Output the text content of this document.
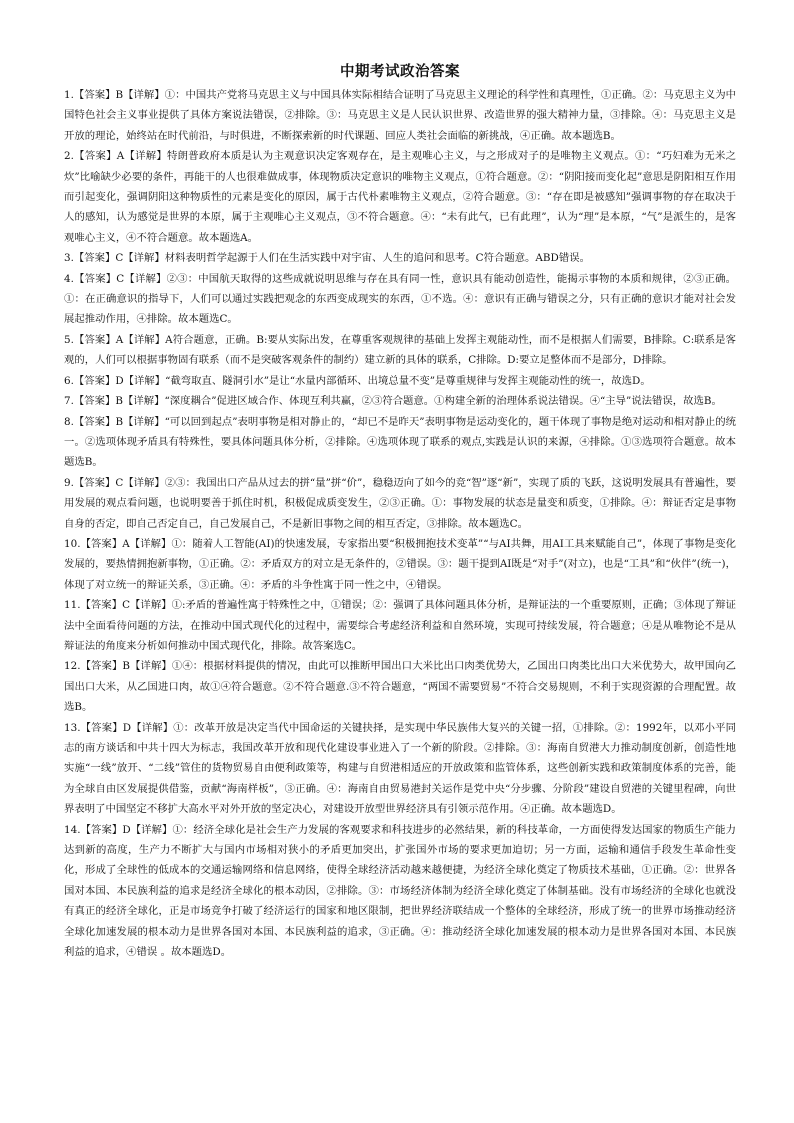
中期考试政治答案

1.【答案】B【详解】①：中国共产党将马克思主义与中国具体实际相结合证明了马克思主义理论的科学性和真理性，①正确。②：马克思主义为中国特色社会主义事业提供了具体方案说法错误，②排除。③：马克思主义是人民认识世界、改造世界的强大精神力量，③排除。④：马克思主义是开放的理论，始终站在时代前沿，与时俱进，不断探索新的时代课题、回应人类社会面临的新挑战，④正确。故本题选B。

2.【答案】A【详解】特朗普政府本质是认为主观意识决定客观存在，是主观唯心主义，与之形成对子的是唯物主义观点。①：“巧妇难为无米之炊”比喻缺少必要的条件，再能干的人也很难做成事，体现物质决定意识的唯物主义观点，①符合题意。②：“阴阳接而变化起”意思是阴阳相互作用而引起变化，强调阴阳这种物质性的元素是变化的原因，属于古代朴素唯物主义观点，②符合题意。③：“存在即是被感知”强调事物的存在取决于人的感知，认为感觉是世界的本原，属于主观唯心主义观点，③不符合题意。④：“未有此气，已有此理”，认为“理”是本原，“气”是派生的，是客观唯心主义，④不符合题意。故本题选A。

3.【答案】C【详解】材料表明哲学起源于人们在生活实践中对宇宙、人生的追问和思考。C符合题意。ABD错误。

4.【答案】C【详解】②③：中国航天取得的这些成就说明思维与存在具有同一性，意识具有能动创造性，能揭示事物的本质和规律，②③正确。①：在正确意识的指导下，人们可以通过实践把观念的东西变成现实的东西，①不选。④：意识有正确与错误之分，只有正确的意识才能对社会发展起推动作用，④排除。故本题选C。

5.【答案】A【详解】A符合题意，正确。B:要从实际出发，在尊重客观规律的基础上发挥主观能动性，而不是根据人们需要，B排除。C:联系是客观的，人们可以根据事物固有联系（而不是突破客观条件的制约）建立新的具体的联系，C排除。D:要立足整体而不是部分，D排除。

6.【答案】D【详解】“截弯取直、隧洞引水”是让“水量内部循环、出境总量不变”是尊重规律与发挥主观能动性的统一，故选D。

7.【答案】B【详解】“深度耦合”促进区域合作、体现互利共赢，②③符合题意。①构建全新的治理体系说法错误。④“主导”说法错误，故选B。

8.【答案】B【详解】“可以回到起点”表明事物是相对静止的，“却已不是昨天”表明事物是运动变化的，题干体现了事物是绝对运动和相对静止的统一。②选项体现矛盾具有特殊性，要具体问题具体分析，②排除。④选项体现了联系的观点,实践是认识的来源，④排除。①③选项符合题意。故本题选B。

9.【答案】C【详解】②③：我国出口产品从过去的拼“量”拼“价”，稳稳迈向了如今的竞“智”逐“新”，实现了质的飞跃，这说明发展具有普遍性，要用发展的观点看问题，也说明要善于抓住时机，积极促成质变发生，②③正确。①：事物发展的状态是量变和质变，①排除。④：辩证否定是事物自身的否定，即自己否定自己，自己发展自己，不是新旧事物之间的相互否定，③排除。故本题选C。

10.【答案】A【详解】①：随着人工智能(AI)的快速发展，专家指出要“积极拥抱技术变革”“与AI共舞，用AI工具来赋能自己”，体现了事物是变化发展的，要热情拥抱新事物，①正确。②：矛盾双方的对立是无条件的，②错误。③：题干提到AI既是“对手”(对立)，也是“工具”和“伙伴”(统一)，体现了对立统一的辩证关系，③正确。④：矛盾的斗争性寓于同一性之中，④错误。

11.【答案】C【详解】①:矛盾的普遍性寓于特殊性之中，①错误；②：强调了具体问题具体分析，是辩证法的一个重要原则，正确；③体现了辩证法中全面看待问题的方法，在推动中国式现代化的过程中，需要综合考虑经济利益和自然环境，实现可持续发展，符合题意；④是从唯物论不是从辩证法的角度来分析如何推动中国式现代化，排除。故答案选C。

12.【答案】B【详解】①④：根据材料提供的情况，由此可以推断甲国出口大米比出口肉类优势大，乙国出口肉类比出口大米优势大，故甲国向乙国出口大米，从乙国进口肉，故①④符合题意。②不符合题意.③不符合题意，“两国不需要贸易”不符合交易规则，不利于实现资源的合理配置。故选B。

13.【答案】D【详解】①：改革开放是决定当代中国命运的关键抉择，是实现中华民族伟大复兴的关键一招，①排除。②：1992年，以邓小平同志的南方谈话和中共十四大为标志，我国改革开放和现代化建设事业进入了一个新的阶段。②排除。③：海南自贸港大力推动制度创新，创造性地实施“一线”放开、“二线”管住的货物贸易自由便利政策等，构建与自贸港相适应的开放政策和监管体系，这些创新实践和政策制度体系的完善，能为全球自由区发展提供借鉴，贡献“海南样板”，③正确。④：海南自由贸易港封关运作是党中央“分步骤、分阶段”建设自贸港的关键里程碑，向世界表明了中国坚定不移扩大高水平对外开放的坚定决心，对建设开放型世界经济具有引领示范作用。④正确。故本题选D。

14.【答案】D【详解】①：经济全球化是社会生产力发展的客观要求和科技进步的必然结果，新的科技革命，一方面使得发达国家的物质生产能力达到新的高度，生产力不断扩大与国内市场相对狭小的矛盾更加突出，扩张国外市场的要求更加迫切；另一方面，运输和通信手段发生革命性变化，形成了全球性的低成本的交通运输网络和信息网络，使得全球经济活动越来越便捷，为经济全球化奠定了物质技术基础，①正确。②：世界各国对本国、本民族利益的追求是经济全球化的根本动因，②排除。③：市场经济体制为经济全球化奠定了体制基础。没有市场经济的全球化也就没有真正的经济全球化，正是市场竞争打破了经济运行的国家和地区限制，把世界经济联结成一个整体的全球经济，形成了统一的世界市场推动经济全球化加速发展的根本动力是世界各国对本国、本民族利益的追求，③正确。④：推动经济全球化加速发展的根本动力是世界各国对本国、本民族利益的追求，④错误 。故本题选D。
